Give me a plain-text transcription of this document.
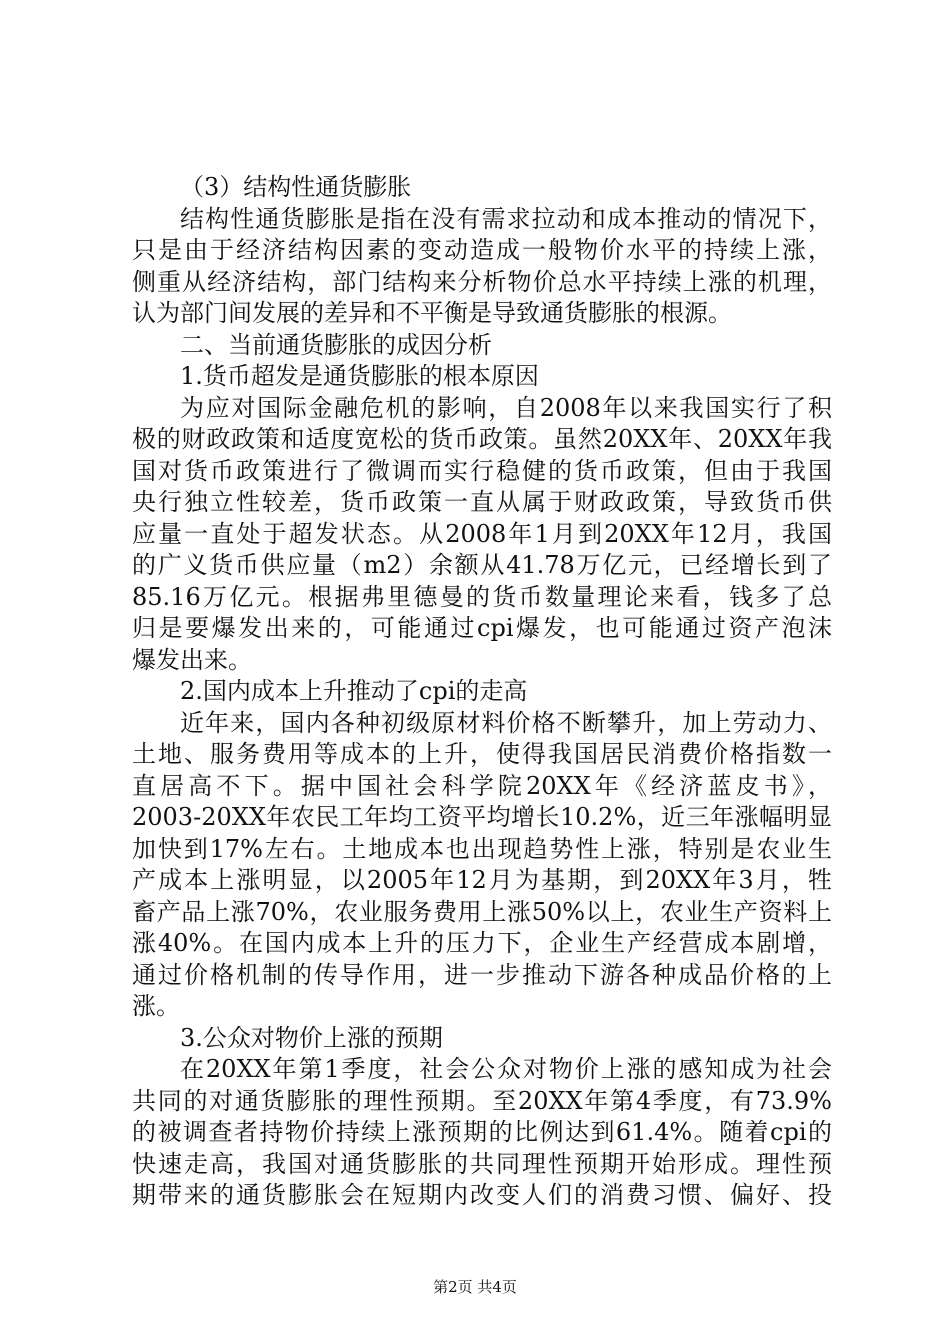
（3）结构性通货膨胀
结构性通货膨胀是指在没有需求拉动和成本推动的情况下，
只是由于经济结构因素的变动造成一般物价水平的持续上涨，
侧重从经济结构，部门结构来分析物价总水平持续上涨的机理，
认为部门间发展的差异和不平衡是导致通货膨胀的根源。
二、当前通货膨胀的成因分析
1.货币超发是通货膨胀的根本原因
为应对国际金融危机的影响，自2008年以来我国实行了积
极的财政政策和适度宽松的货币政策。虽然20XX年、20XX年我
国对货币政策进行了微调而实行稳健的货币政策，但由于我国
央行独立性较差，货币政策一直从属于财政政策，导致货币供
应量一直处于超发状态。从2008年1月到20XX年12月，我国
的广义货币供应量（m2）余额从41.78万亿元，已经增长到了
85.16万亿元。根据弗里德曼的货币数量理论来看，钱多了总
归是要爆发出来的，可能通过cpi爆发，也可能通过资产泡沫
爆发出来。
2.国内成本上升推动了cpi的走高
近年来，国内各种初级原材料价格不断攀升，加上劳动力、
土地、服务费用等成本的上升，使得我国居民消费价格指数一
直居高不下。据中国社会科学院20XX年《经济蓝皮书》，
2003-20XX年农民工年均工资平均增长10.2%，近三年涨幅明显
加快到17%左右。土地成本也出现趋势性上涨，特别是农业生
产成本上涨明显，以2005年12月为基期，到20XX年3月，牲
畜产品上涨70%，农业服务费用上涨50%以上，农业生产资料上
涨40%。在国内成本上升的压力下，企业生产经营成本剧增，
通过价格机制的传导作用，进一步推动下游各种成品价格的上
涨。
3.公众对物价上涨的预期
在20XX年第1季度，社会公众对物价上涨的感知成为社会
共同的对通货膨胀的理性预期。至20XX年第4季度，有73.9%
的被调查者持物价持续上涨预期的比例达到61.4%。随着cpi的
快速走高，我国对通货膨胀的共同理性预期开始形成。理性预
期带来的通货膨胀会在短期内改变人们的消费习惯、偏好、投
第2页 共4页
